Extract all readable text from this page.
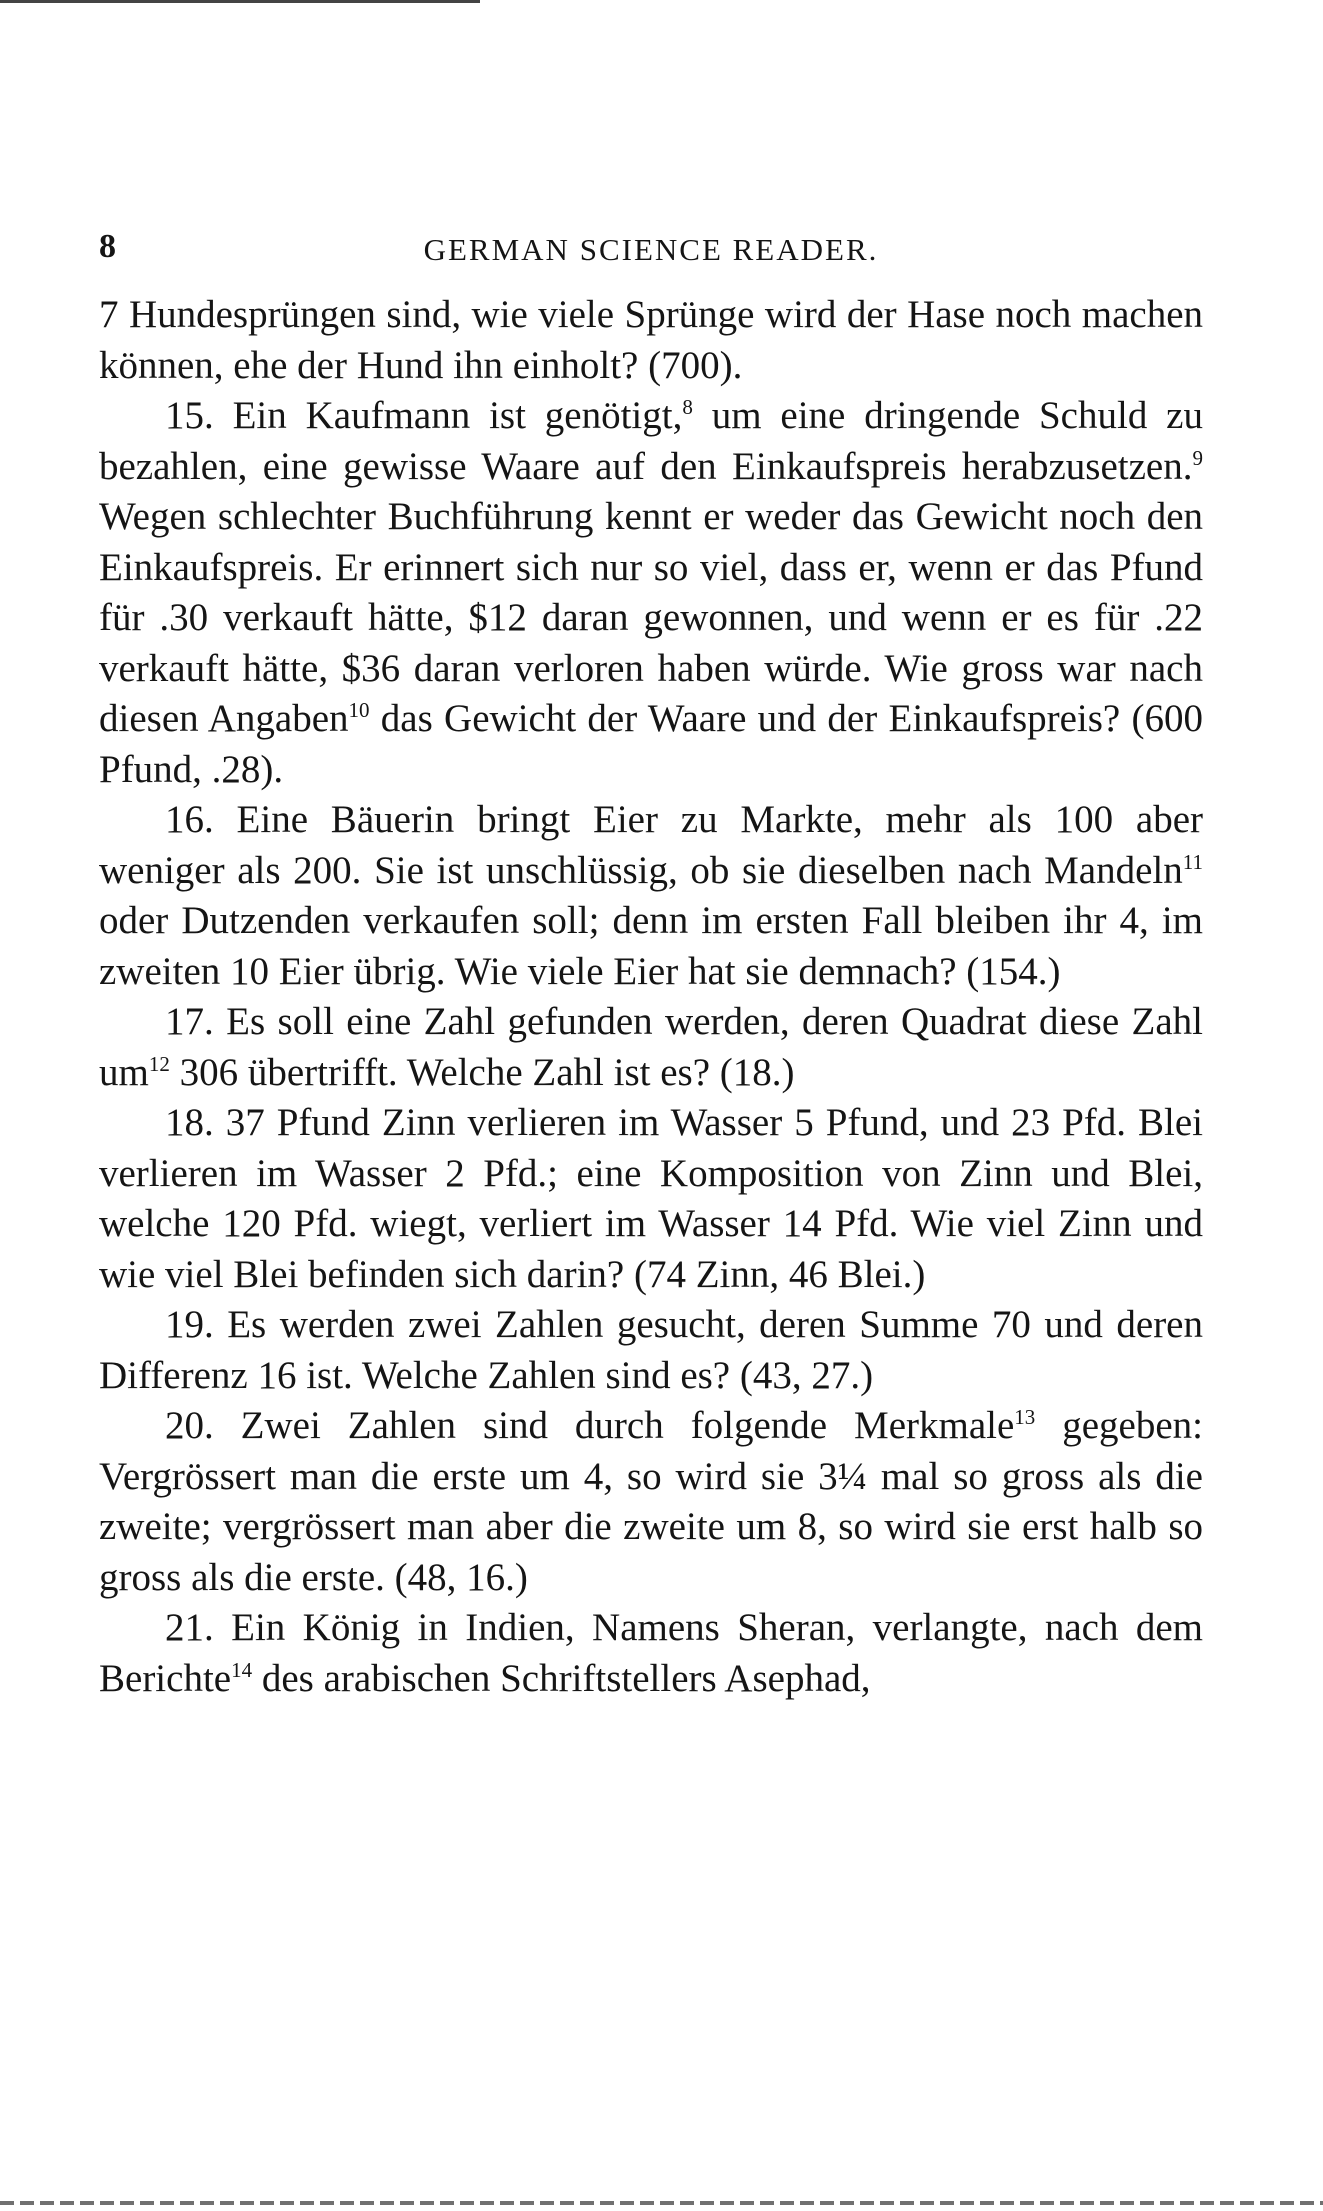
8	GERMAN SCIENCE READER.

7 Hundesprüngen sind, wie viele Sprünge wird der Hase noch machen können, ehe der Hund ihn einholt? (700).

15. Ein Kaufmann ist genötigt,$^8$ um eine dringende Schuld zu bezahlen, eine gewisse Waare auf den Einkaufspreis herabzusetzen.$^9$ Wegen schlechter Buchführung kennt er weder das Gewicht noch den Einkaufspreis. Er erinnert sich nur so viel, dass er, wenn er das Pfund für .30 verkauft hätte, $12 daran gewonnen, und wenn er es für .22 verkauft hätte, $36 daran verloren haben würde. Wie gross war nach diesen Angaben$^{10}$ das Gewicht der Waare und der Einkaufspreis? (600 Pfund, .28).

16. Eine Bäuerin bringt Eier zu Markte, mehr als 100 aber weniger als 200. Sie ist unschlüssig, ob sie dieselben nach Mandeln$^{11}$ oder Dutzenden verkaufen soll; denn im ersten Fall bleiben ihr 4, im zweiten 10 Eier übrig. Wie viele Eier hat sie demnach? (154.)

17. Es soll eine Zahl gefunden werden, deren Quadrat diese Zahl um$^{12}$ 306 übertrifft. Welche Zahl ist es? (18.)

18. 37 Pfund Zinn verlieren im Wasser 5 Pfund, und 23 Pfd. Blei verlieren im Wasser 2 Pfd.; eine Komposition von Zinn und Blei, welche 120 Pfd. wiegt, verliert im Wasser 14 Pfd. Wie viel Zinn und wie viel Blei befinden sich darin? (74 Zinn, 46 Blei.)

19. Es werden zwei Zahlen gesucht, deren Summe 70 und deren Differenz 16 ist. Welche Zahlen sind es? (43, 27.)

20. Zwei Zahlen sind durch folgende Merkmale$^{13}$ gegeben: Vergrössert man die erste um 4, so wird sie 3¼ mal so gross als die zweite; vergrössert man aber die zweite um 8, so wird sie erst halb so gross als die erste. (48, 16.)

21. Ein König in Indien, Namens Sheran, verlangte, nach dem Berichte$^{14}$ des arabischen Schriftstellers Asephad,
